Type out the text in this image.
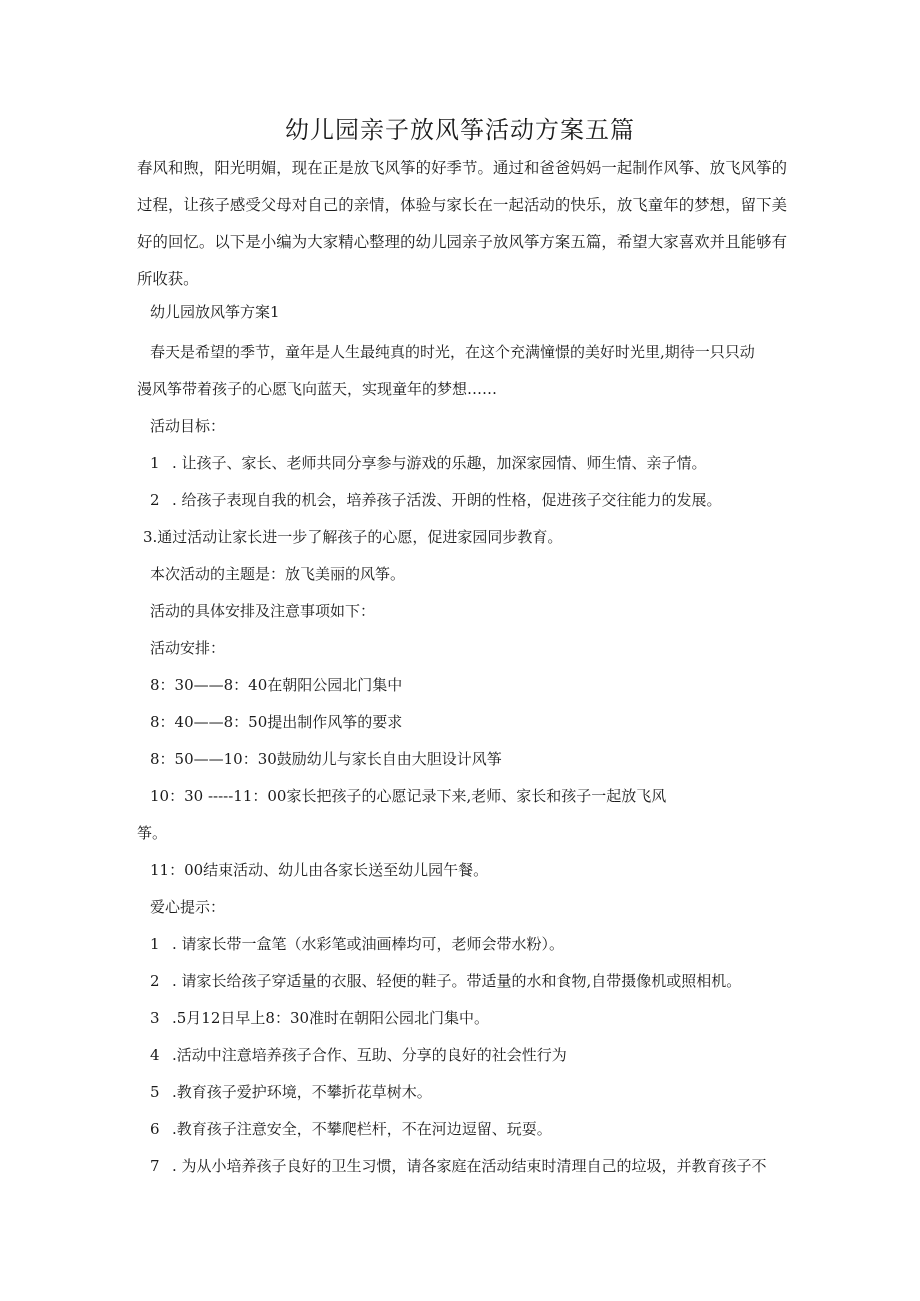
幼儿园亲子放风筝活动方案五篇
春风和煦，阳光明媚，现在正是放飞风筝的好季节。通过和爸爸妈妈一起制作风筝、放飞风筝的过程，让孩子感受父母对自己的亲情，体验与家长在一起活动的快乐，放飞童年的梦想，留下美好的回忆。以下是小编为大家精心整理的幼儿园亲子放风筝方案五篇，希望大家喜欢并且能够有所收获。
幼儿园放风筝方案1
春天是希望的季节，童年是人生最纯真的时光，在这个充满憧憬的美好时光里,期待一只只动
漫风筝带着孩子的心愿飞向蓝天，实现童年的梦想……
活动目标：
1 . 让孩子、家长、老师共同分享参与游戏的乐趣，加深家园情、师生情、亲子情。
2 . 给孩子表现自我的机会，培养孩子活泼、开朗的性格，促进孩子交往能力的发展。
3.通过活动让家长进一步了解孩子的心愿，促进家园同步教育。
本次活动的主题是：放飞美丽的风筝。
活动的具体安排及注意事项如下：
活动安排：
8：30——8：40在朝阳公园北门集中
8：40——8：50提出制作风筝的要求
8：50——10：30鼓励幼儿与家长自由大胆设计风筝
10：30 -----11：00家长把孩子的心愿记录下来,老师、家长和孩子一起放飞风
筝。
11：00结束活动、幼儿由各家长送至幼儿园午餐。
爱心提示：
1 . 请家长带一盒笔（水彩笔或油画棒均可，老师会带水粉）。
2 . 请家长给孩子穿适量的衣服、轻便的鞋子。带适量的水和食物,自带摄像机或照相机。
3 .5月12日早上8：30准时在朝阳公园北门集中。
4 .活动中注意培养孩子合作、互助、分享的良好的社会性行为
5 .教育孩子爱护环境，不攀折花草树木。
6 .教育孩子注意安全，不攀爬栏杆，不在河边逗留、玩耍。
7 . 为从小培养孩子良好的卫生习惯，请各家庭在活动结束时清理自己的垃圾，并教育孩子不
